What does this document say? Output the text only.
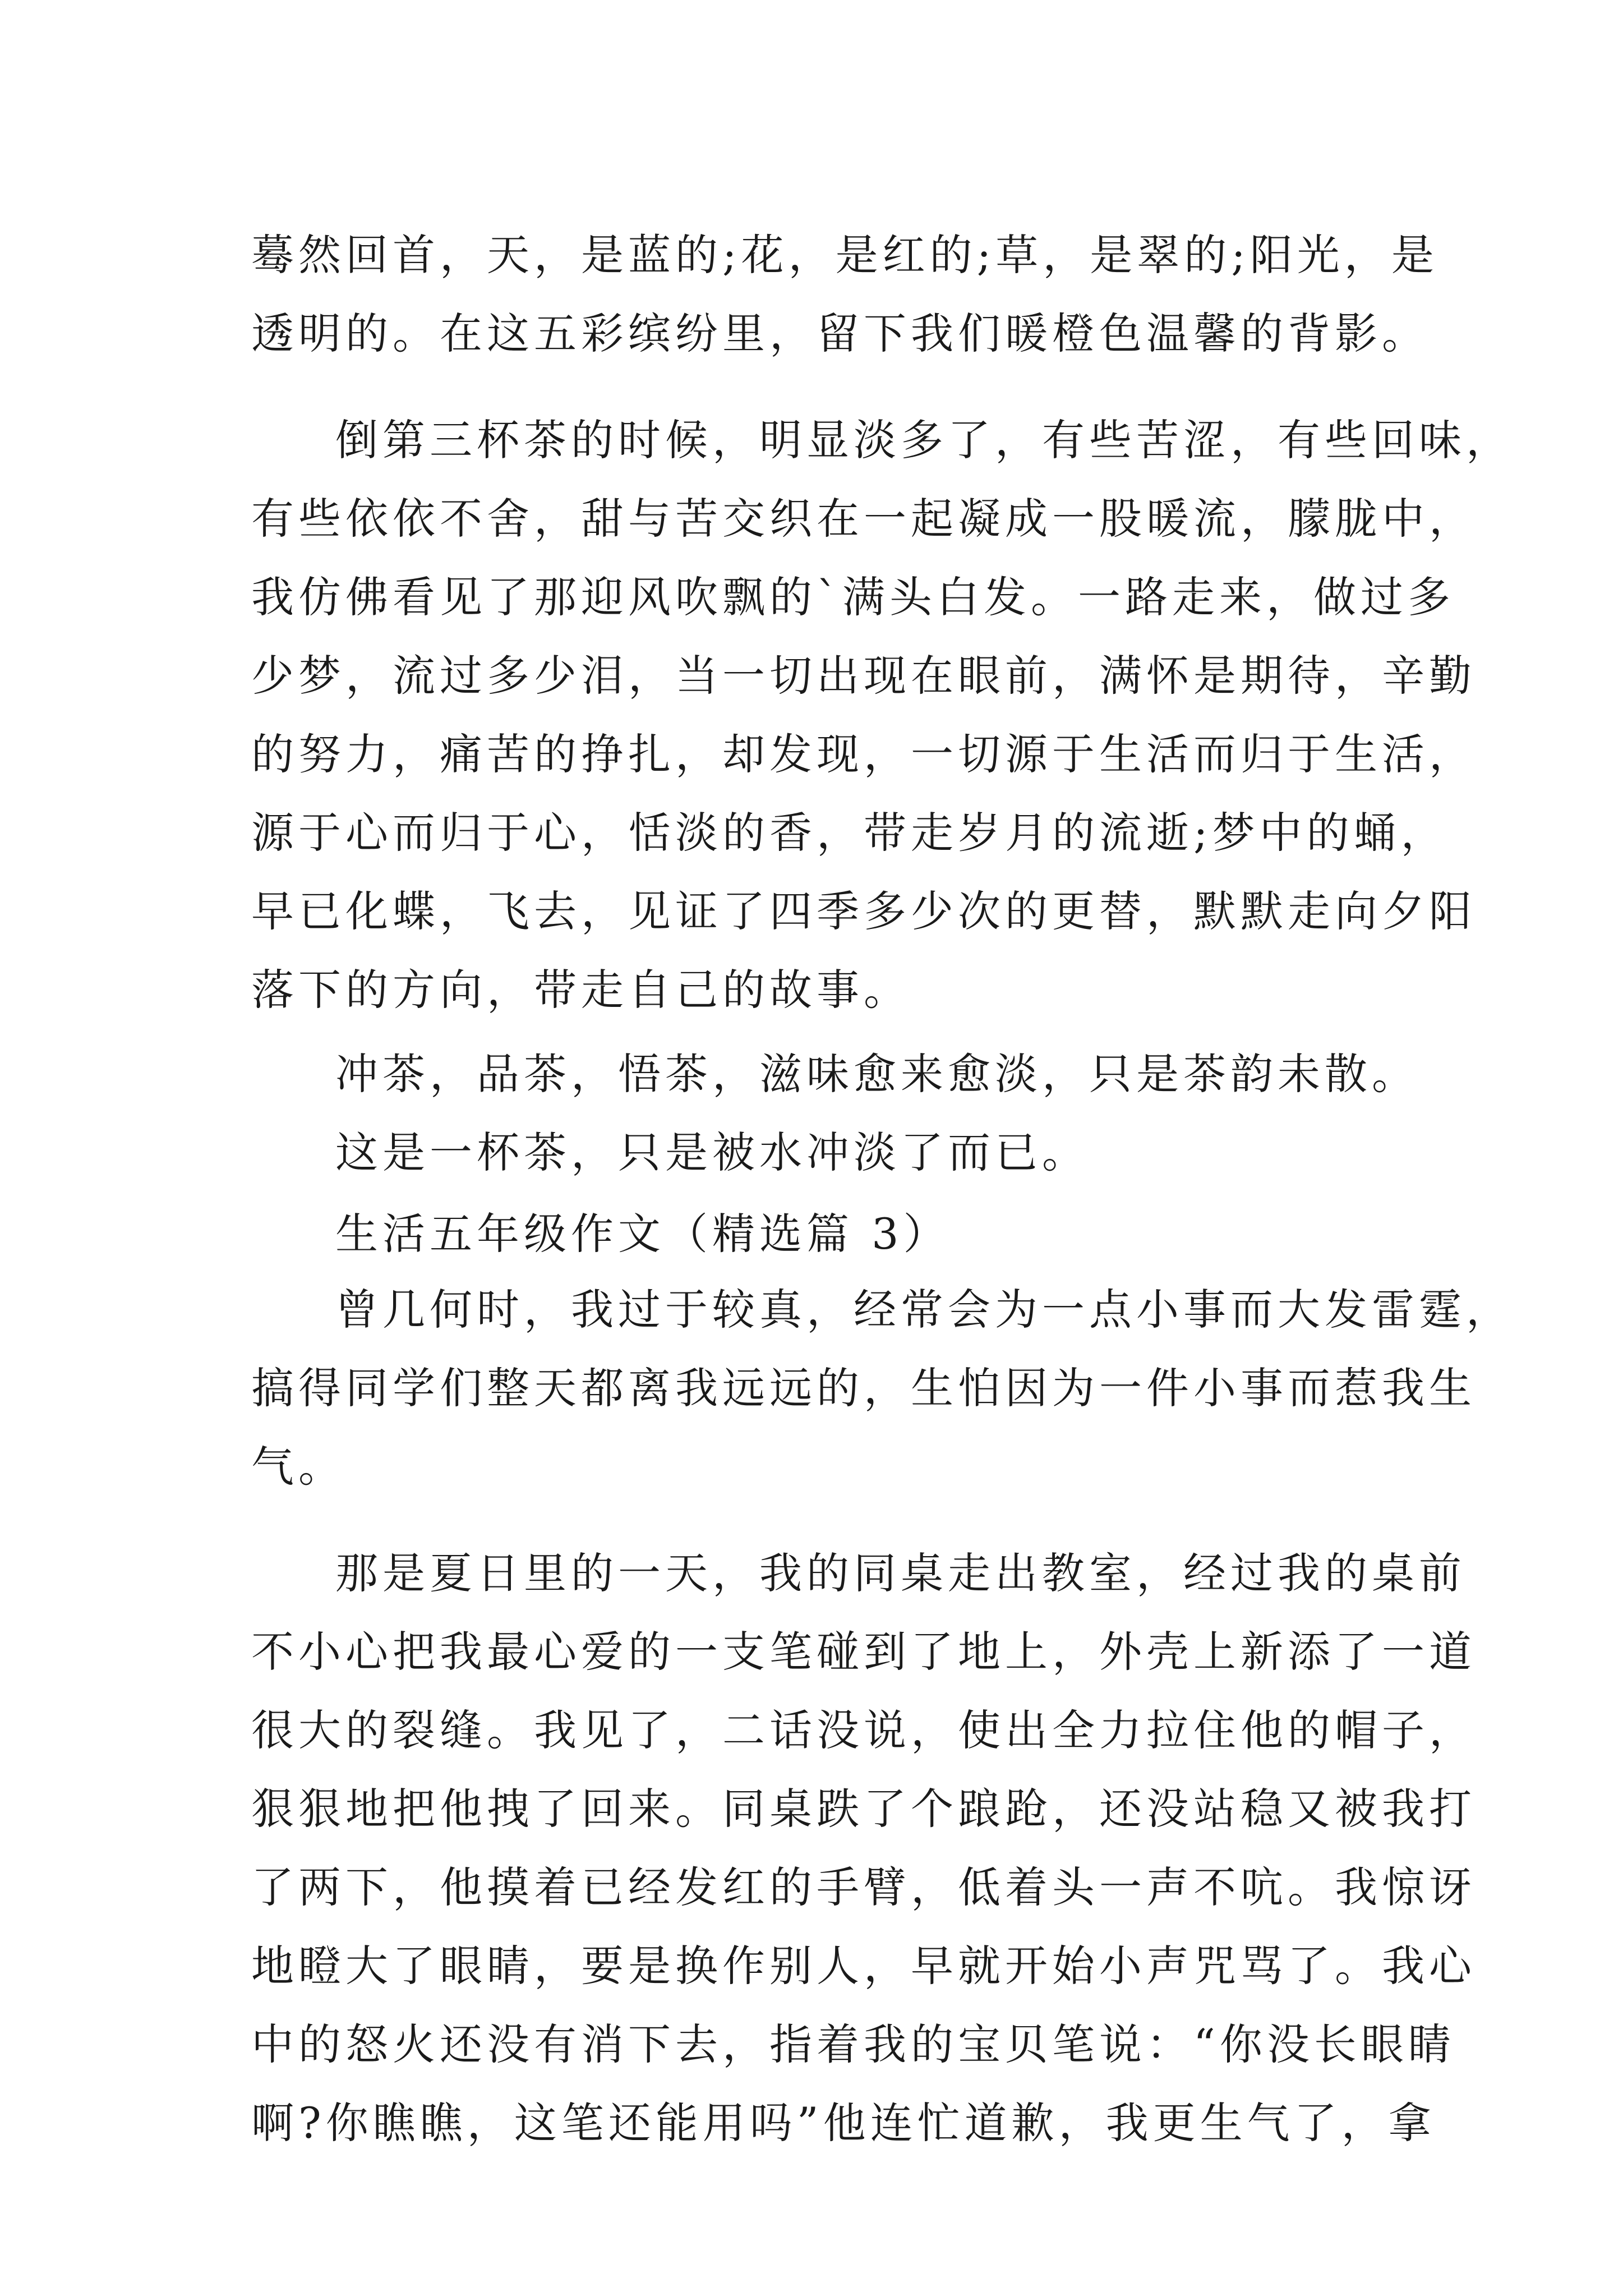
蓦然回首，天，是蓝的;花，是红的;草，是翠的;阳光，是
透明的。在这五彩缤纷里，留下我们暖橙色温馨的背影。
倒第三杯茶的时候，明显淡多了，有些苦涩，有些回味，
有些依依不舍，甜与苦交织在一起凝成一股暖流，朦胧中，
我仿佛看见了那迎风吹飘的`满头白发。一路走来，做过多
少梦，流过多少泪，当一切出现在眼前，满怀是期待，辛勤
的努力，痛苦的挣扎，却发现，一切源于生活而归于生活，
源于心而归于心，恬淡的香，带走岁月的流逝;梦中的蛹，
早已化蝶，飞去，见证了四季多少次的更替，默默走向夕阳
落下的方向，带走自己的故事。
冲茶，品茶，悟茶，滋味愈来愈淡，只是茶韵未散。
这是一杯茶，只是被水冲淡了而已。
生活五年级作文（精选篇 3）
曾几何时，我过于较真，经常会为一点小事而大发雷霆，
搞得同学们整天都离我远远的，生怕因为一件小事而惹我生
气。
那是夏日里的一天，我的同桌走出教室，经过我的桌前
不小心把我最心爱的一支笔碰到了地上，外壳上新添了一道
很大的裂缝。我见了，二话没说，使出全力拉住他的帽子，
狠狠地把他拽了回来。同桌跌了个踉跄，还没站稳又被我打
了两下，他摸着已经发红的手臂，低着头一声不吭。我惊讶
地瞪大了眼睛，要是换作别人，早就开始小声咒骂了。我心
中的怒火还没有消下去，指着我的宝贝笔说：“你没长眼睛
啊?你瞧瞧，这笔还能用吗”他连忙道歉，我更生气了，拿
